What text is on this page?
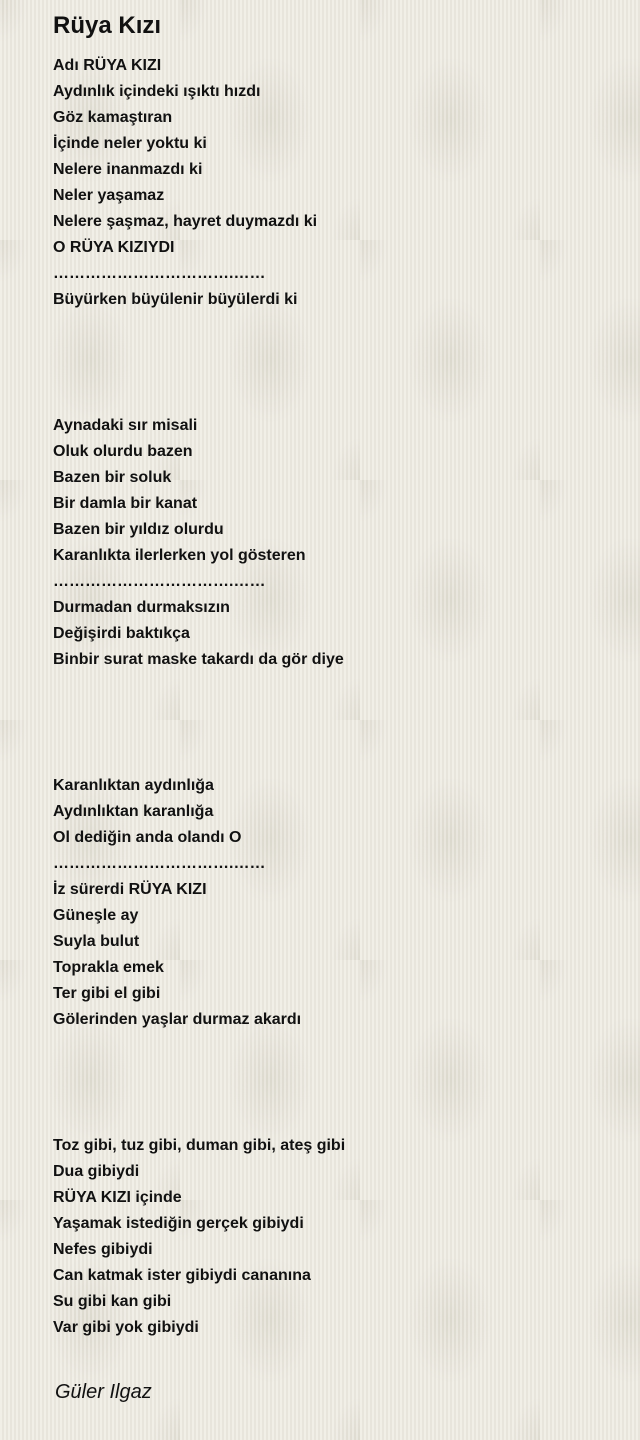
Rüya Kızı
Adı RÜYA KIZI
Aydınlık içindeki ışıktı hızdı
Göz kamaştıran
İçinde neler yoktu ki
Nelere inanmazdı ki
Neler yaşamaz
Nelere şaşmaz, hayret duymazdı ki
O RÜYA KIZIYDI
…………………………….……
Büyürken büyülenir büyülerdi ki
Aynadaki sır misali
Oluk olurdu bazen
Bazen bir soluk
Bir damla bir kanat
Bazen bir yıldız olurdu
Karanlıkta ilerlerken yol gösteren
…………………………….……
Durmadan durmaksızın
Değişirdi baktıkça
Binbir surat maske takardı da gör diye
Karanlıktan aydınlığa
Aydınlıktan karanlığa
Ol dediğin anda olandı O
…………………………….……
İz sürerdi RÜYA KIZI
Güneşle ay
Suyla bulut
Toprakla emek
Ter gibi el gibi
Gölerinden yaşlar durmaz akardı
Toz gibi, tuz gibi, duman gibi, ateş gibi
Dua gibiydi
RÜYA KIZI içinde
Yaşamak istediğin gerçek gibiydi
Nefes gibiydi
Can katmak ister gibiydi cananına
Su gibi kan gibi
Var gibi yok gibiydi
Güler Ilgaz
